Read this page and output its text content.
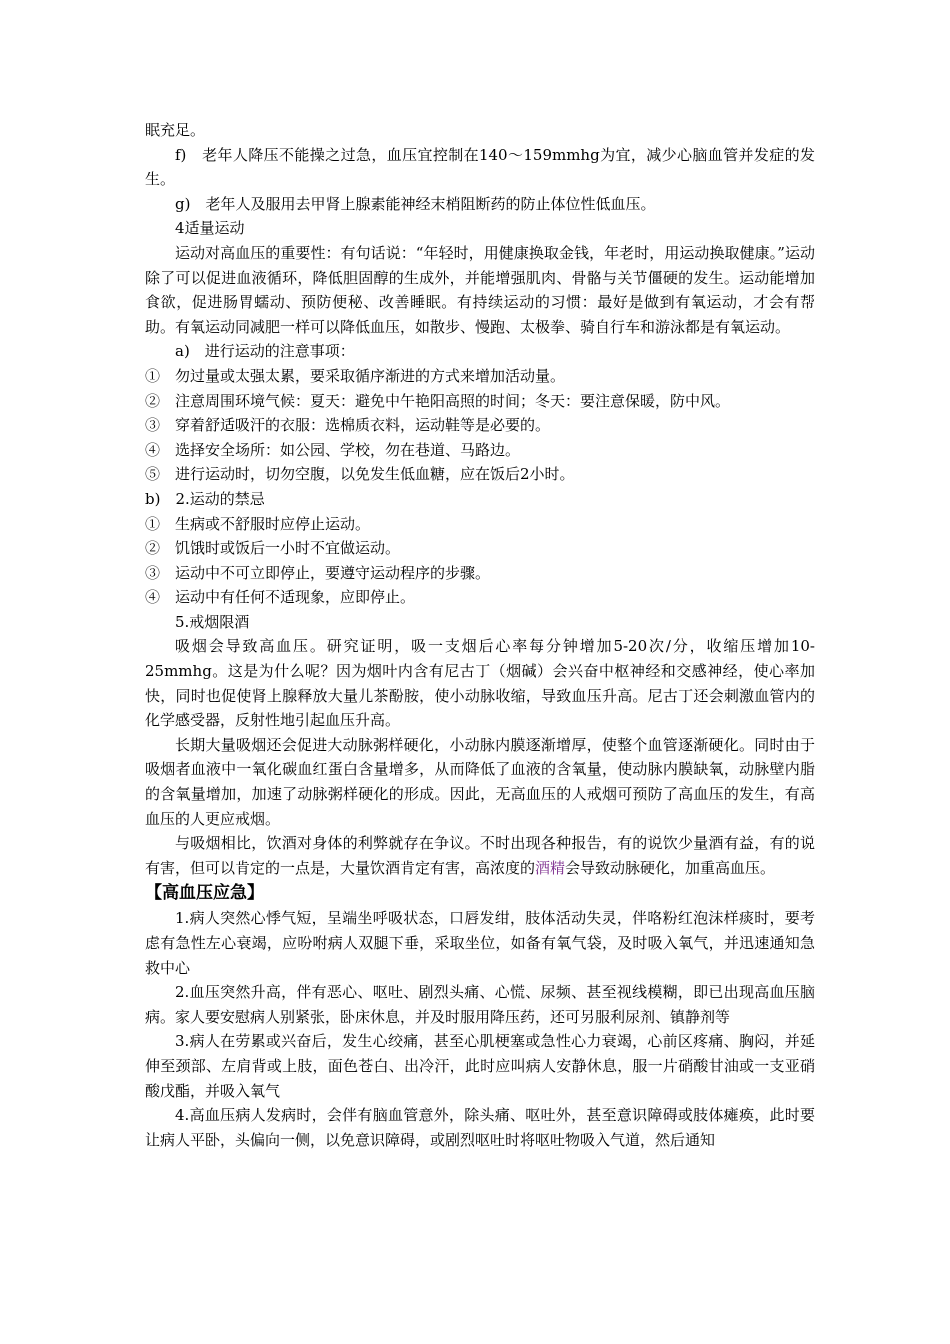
眠充足。

f)　老年人降压不能操之过急，血压宜控制在140～159mmhg为宜，减少心脑血管并发症的发生。

g)　老年人及服用去甲肾上腺素能神经末梢阻断药的防止体位性低血压。

4适量运动

运动对高血压的重要性：有句话说：“年轻时，用健康换取金钱，年老时，用运动换取健康。”运动除了可以促进血液循环，降低胆固醇的生成外，并能增强肌肉、骨骼与关节僵硬的发生。运动能增加食欲，促进肠胃蠕动、预防便秘、改善睡眠。有持续运动的习惯：最好是做到有氧运动，才会有帮助。有氧运动同减肥一样可以降低血压，如散步、慢跑、太极拳、骑自行车和游泳都是有氧运动。

a)　进行运动的注意事项：

①　勿过量或太强太累，要采取循序渐进的方式来增加活动量。

②　注意周围环境气候：夏天：避免中午艳阳高照的时间；冬天：要注意保暖，防中风。

③　穿着舒适吸汗的衣服：选棉质衣料，运动鞋等是必要的。

④　选择安全场所：如公园、学校，勿在巷道、马路边。

⑤　进行运动时，切勿空腹，以免发生低血糖，应在饭后2小时。

b)　2.运动的禁忌

①　生病或不舒服时应停止运动。

②　饥饿时或饭后一小时不宜做运动。

③　运动中不可立即停止，要遵守运动程序的步骤。

④　运动中有任何不适现象，应即停止。

5.戒烟限酒

吸烟会导致高血压。研究证明，吸一支烟后心率每分钟增加5-20次/分，收缩压增加10-25mmhg。这是为什么呢？因为烟叶内含有尼古丁（烟碱）会兴奋中枢神经和交感神经，使心率加快，同时也促使肾上腺释放大量儿茶酚胺，使小动脉收缩，导致血压升高。尼古丁还会刺激血管内的化学感受器，反射性地引起血压升高。

长期大量吸烟还会促进大动脉粥样硬化，小动脉内膜逐渐增厚，使整个血管逐渐硬化。同时由于吸烟者血液中一氧化碳血红蛋白含量增多，从而降低了血液的含氧量，使动脉内膜缺氧，动脉壁内脂的含氧量增加，加速了动脉粥样硬化的形成。因此，无高血压的人戒烟可预防了高血压的发生，有高血压的人更应戒烟。

与吸烟相比，饮酒对身体的利弊就存在争议。不时出现各种报告，有的说饮少量酒有益，有的说有害，但可以肯定的一点是，大量饮酒肯定有害，高浓度的酒精会导致动脉硬化，加重高血压。

【高血压应急】

1.病人突然心悸气短，呈端坐呼吸状态，口唇发绀，肢体活动失灵，伴咯粉红泡沫样痰时，要考虑有急性左心衰竭，应吩咐病人双腿下垂，采取坐位，如备有氧气袋，及时吸入氧气，并迅速通知急救中心

2.血压突然升高，伴有恶心、呕吐、剧烈头痛、心慌、尿频、甚至视线模糊，即已出现高血压脑病。家人要安慰病人别紧张，卧床休息，并及时服用降压药，还可另服利尿剂、镇静剂等

3.病人在劳累或兴奋后，发生心绞痛，甚至心肌梗塞或急性心力衰竭，心前区疼痛、胸闷，并延伸至颈部、左肩背或上肢，面色苍白、出冷汗，此时应叫病人安静休息，服一片硝酸甘油或一支亚硝酸戊酯，并吸入氧气

4.高血压病人发病时，会伴有脑血管意外，除头痛、呕吐外，甚至意识障碍或肢体瘫痪，此时要让病人平卧，头偏向一侧，以免意识障碍，或剧烈呕吐时将呕吐物吸入气道，然后通知
